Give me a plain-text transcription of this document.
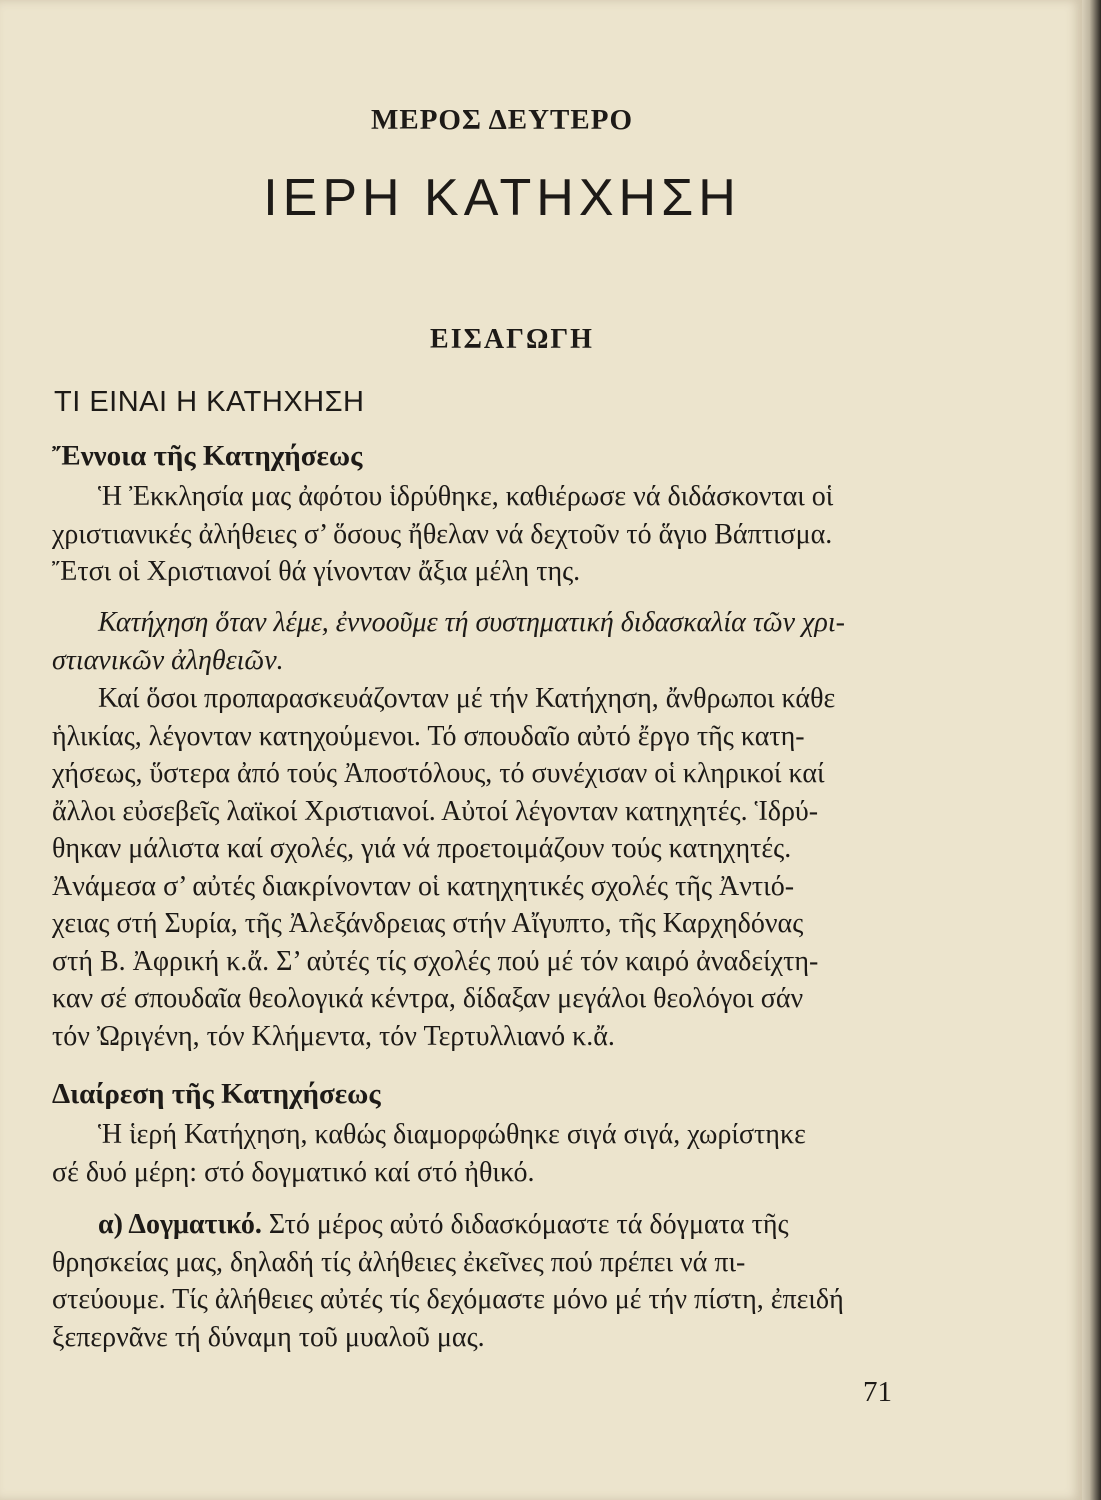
ΜΕΡΟΣ ΔΕΥΤΕΡΟ
ΙΕΡΗ ΚΑΤΗΧΗΣΗ
ΕΙΣΑΓΩΓΗ
ΤΙ ΕΙΝΑΙ Η ΚΑΤΗΧΗΣΗ
Ἔννοια τῆς Κατηχήσεως
Ἡ Ἐκκλησία μας ἀφότου ἱδρύθηκε, καθιέρωσε νά διδάσκονται οἱ
χριστιανικές ἀλήθειες σ’ ὅσους ἤθελαν νά δεχτοῦν τό ἅγιο Βάπτισμα.
Ἔτσι οἱ Χριστιανοί θά γίνονταν ἄξια μέλη της.
Κατήχηση ὅταν λέμε, ἐννοοῦμε τή συστηματική διδασκαλία τῶν χρι-
στιανικῶν ἀληθειῶν.
Καί ὅσοι προπαρασκευάζονταν μέ τήν Κατήχηση, ἄνθρωποι κάθε
ἡλικίας, λέγονταν κατηχούμενοι. Τό σπουδαῖο αὐτό ἔργο τῆς κατη-
χήσεως, ὕστερα ἀπό τούς Ἀποστόλους, τό συνέχισαν οἱ κληρικοί καί
ἄλλοι εὐσεβεῖς λαϊκοί Χριστιανοί. Αὐτοί λέγονταν κατηχητές. Ἱδρύ-
θηκαν μάλιστα καί σχολές, γιά νά προετοιμάζουν τούς κατηχητές.
Ἀνάμεσα σ’ αὐτές διακρίνονταν οἱ κατηχητικές σχολές τῆς Ἀντιό-
χειας στή Συρία, τῆς Ἀλεξάνδρειας στήν Αἴγυπτο, τῆς Καρχηδόνας
στή Β. Ἀφρική κ.ἄ. Σ’ αὐτές τίς σχολές πού μέ τόν καιρό ἀναδείχτη-
καν σέ σπουδαῖα θεολογικά κέντρα, δίδαξαν μεγάλοι θεολόγοι σάν
τόν Ὠριγένη, τόν Κλήμεντα, τόν Τερτυλλιανό κ.ἄ.
Διαίρεση τῆς Κατηχήσεως
Ἡ ἱερή Κατήχηση, καθώς διαμορφώθηκε σιγά σιγά, χωρίστηκε
σέ δυό μέρη: στό δογματικό καί στό ἠθικό.
α) Δογματικό. Στό μέρος αὐτό διδασκόμαστε τά δόγματα τῆς
θρησκείας μας, δηλαδή τίς ἀλήθειες ἐκεῖνες πού πρέπει νά πι-
στεύουμε. Τίς ἀλήθειες αὐτές τίς δεχόμαστε μόνο μέ τήν πίστη, ἐπειδή
ξεπερνᾶνε τή δύναμη τοῦ μυαλοῦ μας.
71
